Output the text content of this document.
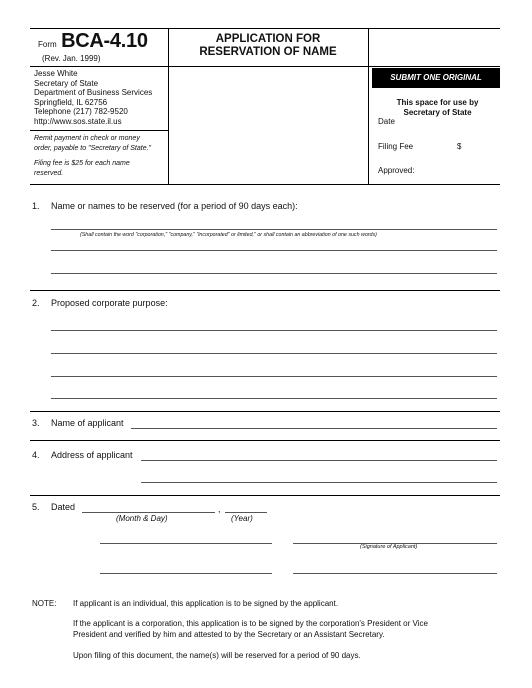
Form BCA-4.10
(Rev. Jan. 1999)
APPLICATION FOR
RESERVATION OF NAME
SUBMIT ONE ORIGINAL
Jesse White
Secretary of State
Department of Business Services
Springfield, IL 62756
Telephone (217) 782-9520
http://www.sos.state.il.us
Remit payment in check or money
order, payable to "Secretary of State."
Filing fee is $25 for each name
reserved.
This space for use by
Secretary of State
Date
Filing Fee	$
Approved:
1. Name or names to be reserved (for a period of 90 days each):
(Shall contain the word "corporation," "company," "incorporated" or limited," or shall contain an abbreviation of one such words)
2. Proposed corporate purpose:
3. Name of applicant
4. Address of applicant
5. Dated	,
(Month & Day)	(Year)
(Signature of Applicant)
NOTE: If applicant is an individual, this application is to be signed by the applicant.
If the applicant is a corporation, this application is to be signed by the corporation's President or Vice
President and verified by him and attested to by the Secretary or an Assistant Secretary.
Upon filing of this document, the name(s) will be reserved for a period of 90 days.
